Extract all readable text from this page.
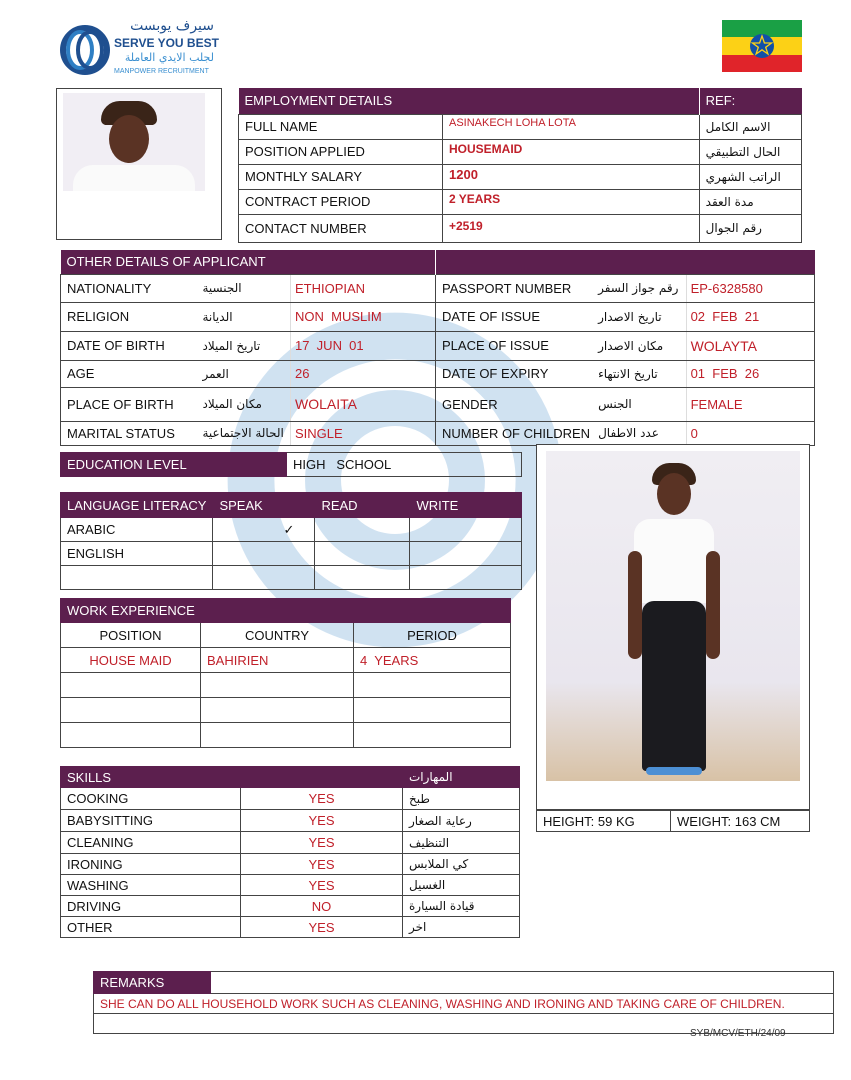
سيرف يوبست
SERVE YOU BEST
لجلب الايدي العاملة
MANPOWER RECRUITMENT
EMPLOYMENT DETAILS		REF:
FULL NAME	ASINAKECH LOHA LOTA	الاسم الكامل
POSITION APPLIED	HOUSEMAID	الحال التطبيقي
MONTHLY SALARY	1200	الراتب الشهري
CONTRACT PERIOD	2 YEARS	مدة العقد
CONTACT NUMBER	+2519	رقم الجوال
OTHER DETAILS OF APPLICANT					
NATIONALITY	الجنسية	ETHIOPIAN	PASSPORT NUMBER	رقم جواز السفر	EP-6328580
RELIGION	الديانة	NON  MUSLIM	DATE OF ISSUE	تاريخ الاصدار	02  FEB  21
DATE OF BIRTH	تاريخ الميلاد	17  JUN  01	PLACE OF ISSUE	مكان الاصدار	WOLAYTA
AGE	العمر	26	DATE OF EXPIRY	تاريخ الانتهاء	01  FEB  26
PLACE OF BIRTH	مكان الميلاد	WOLAITA	GENDER	الجنس	FEMALE
MARITAL STATUS	الحالة الاجتماعية	SINGLE	NUMBER OF CHILDREN	عدد الاطفال	0
EDUCATION LEVEL	HIGH   SCHOOL
LANGUAGE LITERACY	SPEAK	READ	WRITE
ARABIC	✓		
ENGLISH			

WORK EXPERIENCE		
POSITION	COUNTRY	PERIOD
HOUSE MAID	BAHIRIEN	4  YEARS

SKILLS		المهارات
COOKING	YES	طبخ
BABYSITTING	YES	رعاية الصغار
CLEANING	YES	التنظيف
IRONING	YES	كي الملابس
WASHING	YES	الغسيل
DRIVING	NO	قيادة السيارة
OTHER	YES	اخر
HEIGHT: 59 KG	WEIGHT: 163 CM
REMARKS	
SHE CAN DO ALL HOUSEHOLD WORK SUCH AS CLEANING, WASHING AND IRONING AND TAKING CARE OF CHILDREN.

SYB/MCV/ETH/24/09
